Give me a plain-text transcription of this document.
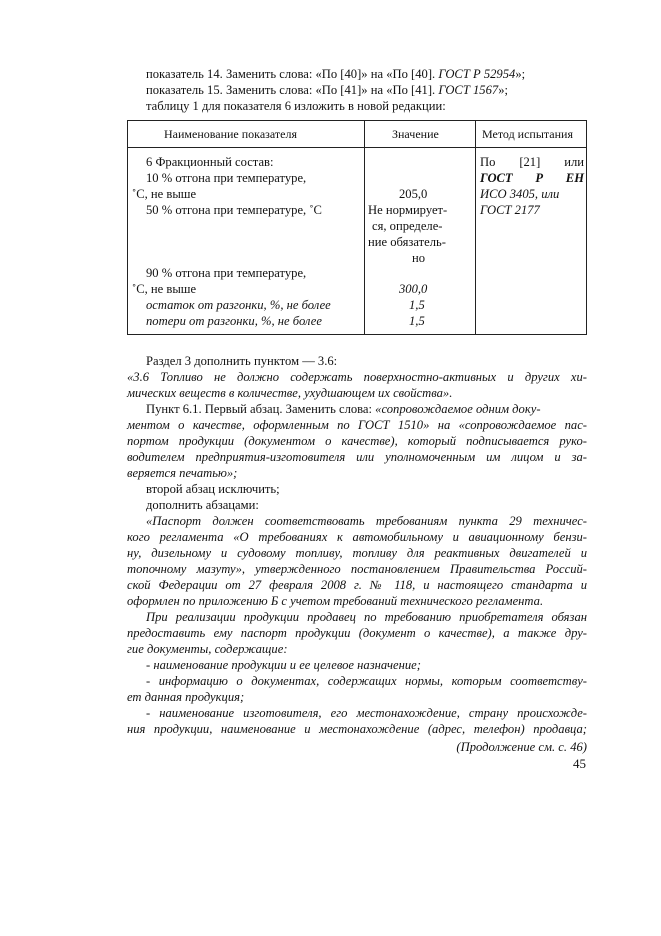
показатель 14. Заменить слова: «По [40]» на «По [40]. ГОСТ Р 52954»;
показатель 15. Заменить слова: «По [41]» на «По [41]. ГОСТ 1567»;
таблицу 1 для показателя 6 изложить в новой редакции:
Наименование показателя	Значение	Метод испытания
6 Фракционный состав:
10 % отгона при температуре,
˚С, не выше
50 % отгона при температуре, ˚С
90 % отгона при температуре,
˚С, не выше
остаток от разгонки, %, не более
потери от разгонки, %, не более
205,0
Не нормирует-
ся, определе-
ние обязатель-
но
300,0
1,5
1,5
По [21] или
ГОСТ Р ЕН
ИСО 3405, или
ГОСТ 2177
Раздел 3 дополнить пунктом — 3.6:
«3.6 Топливо не должно содержать поверхностно-активных и других хи-
мических веществ в количестве, ухудшающем их свойства».
Пункт 6.1. Первый абзац. Заменить слова: «сопровождаемое одним доку-
ментом о качестве, оформленным по ГОСТ 1510» на «сопровождаемое пас-
портом продукции (документом о качестве), который подписывается руко-
водителем предприятия-изготовителя или уполномоченным им лицом и за-
веряется печатью»;
второй абзац исключить;
дополнить абзацами:
«Паспорт должен соответствовать требованиям пункта 29 техничес-
кого регламента «О требованиях к автомобильному и авиационному бензи-
ну, дизельному и судовому топливу, топливу для реактивных двигателей и
топочному мазуту», утвержденного постановлением Правительства Россий-
ской Федерации от 27 февраля 2008 г. № 118, и настоящего стандарта и
оформлен по приложению Б с учетом требований технического регламента.
При реализации продукции продавец по требованию приобретателя обязан
предоставить ему паспорт продукции (документ о качестве), а также дру-
гие документы, содержащие:
- наименование продукции и ее целевое назначение;
- информацию о документах, содержащих нормы, которым соответству-
ет данная продукция;
- наименование изготовителя, его местонахождение, страну происхожде-
ния продукции, наименование и местонахождение (адрес, телефон) продавца;
(Продолжение см. с. 46)
45
